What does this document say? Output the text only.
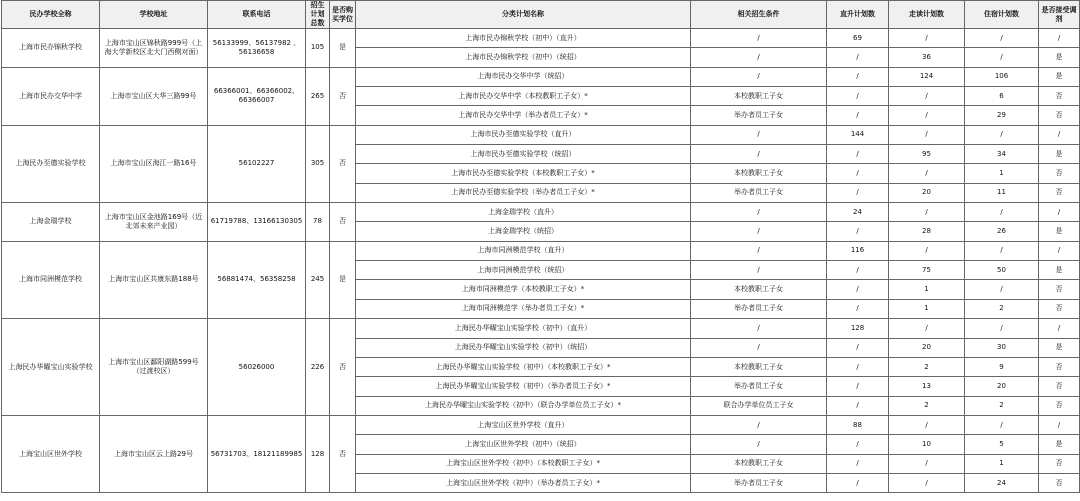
民办学校全称	学校地址	联系电话	招生计划总数	是否购买学位	分类计划名称	相关招生条件	直升计划数	走读计划数	住宿计划数	是否接受调剂
上海市民办锦秋学校	上海市宝山区锦秋路999号（上海大学新校区北大门西侧对面）	56133999、56137982 、56136658	105	是	上海市民办锦秋学校（初中）（直升）	/	69	/	/	/
					上海市民办锦秋学校（初中）（统招）	/	/	36	/	是
上海市民办交华中学	上海市宝山区大华三路99号	66366001、66366002、66366007	265	否	上海市民办交华中学（统招）	/	/	124	106	是
					上海市民办交华中学（本校教职工子女）*	本校教职工子女	/	/	6	否
					上海市民办交华中学（举办者员工子女）*	举办者员工子女	/	/	29	否
上海民办至德实验学校	上海市宝山区海江一路16号	56102227	305	否	上海市民办至德实验学校（直升）	/	144	/	/	/
					上海市民办至德实验学校（统招）	/	/	95	34	是
					上海市民办至德实验学校（本校教职工子女）*	本校教职工子女	/	/	1	否
					上海市民办至德实验学校（举办者员工子女）*	举办者员工子女	/	20	11	否
上海金瑞学校	上海市宝山区金池路169号（近北郊未来产业园）	61719788、13166130305	78	否	上海金瑞学校（直升）	/	24	/	/	/
					上海金瑞学校（统招）	/	/	28	26	是
上海市同洲模范学校	上海市宝山区共康东路188号	56881474、56358258	245	是	上海市同洲模范学校（直升）	/	116	/	/	/
					上海市同洲模范学校（统招）	/	/	75	50	是
					上海市同洲模范学（本校教职工子女）*	本校教职工子女	/	1	/	否
					上海市同洲模范学（举办者员工子女）*	举办者员工子女	/	1	2	否
上海民办华曜宝山实验学校	上海市宝山区鄱阳湖路599号（过渡校区）	56026000	226	否	上海民办华曜宝山实验学校（初中）（直升）	/	128	/	/	/
					上海民办华曜宝山实验学校（初中）（统招）	/	/	20	30	是
					上海民办华曜宝山实验学校（初中）（本校教职工子女）*	本校教职工子女	/	2	9	否
					上海民办华曜宝山实验学校（初中）（举办者员工子女）*	举办者员工子女	/	13	20	否
					上海民办华曜宝山实验学校（初中）（联合办学单位员工子女）*	联合办学单位员工子女	/	2	2	否
上海宝山区世外学校	上海市宝山区云上路29号	56731703、18121189985	128	否	上海宝山区世外学校（直升）	/	88	/	/	/
					上海宝山区世外学校（初中）（统招）	/	/	10	5	是
					上海宝山区世外学校（初中）（本校教职工子女）*	本校教职工子女	/	/	1	否
					上海宝山区世外学校（初中）（举办者员工子女）*	举办者员工子女	/	/	24	否
